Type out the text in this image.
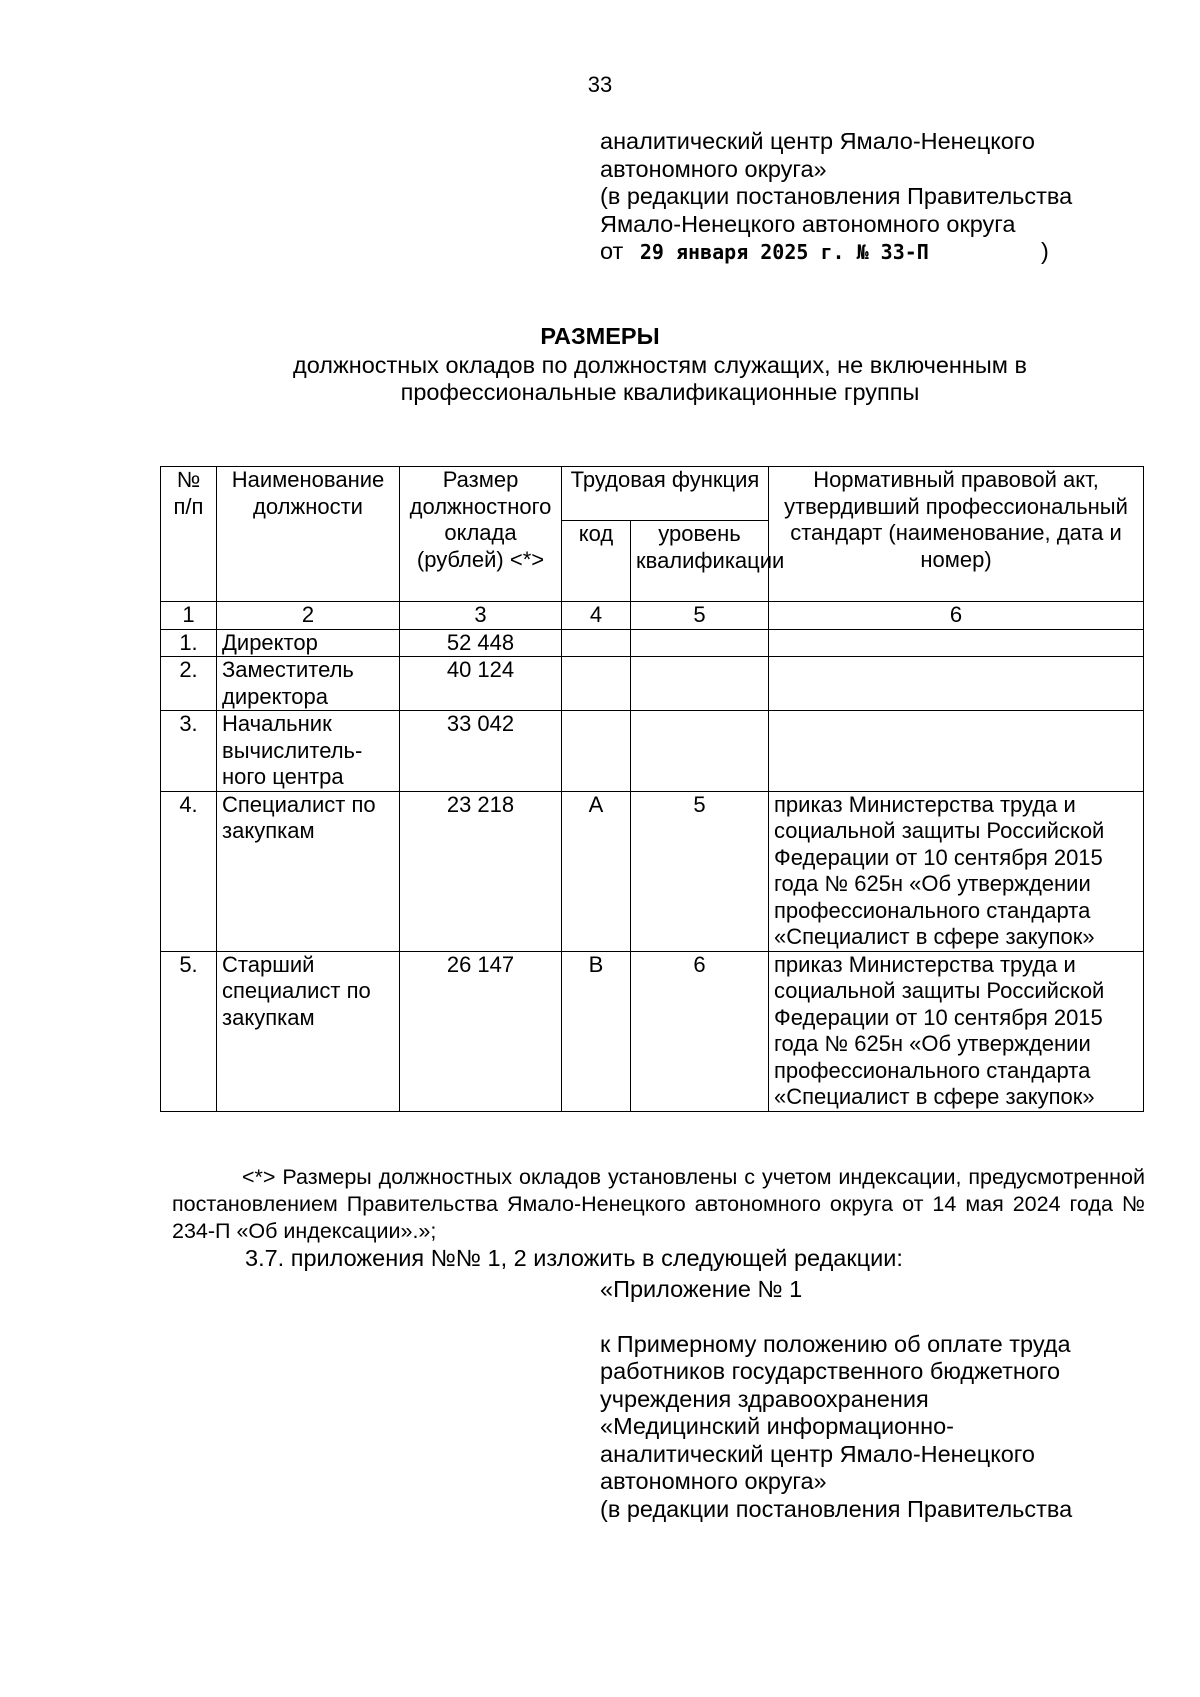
33
аналитический центр Ямало-Ненецкого
автономного округа»
(в редакции постановления Правительства
Ямало-Ненецкого автономного округа
от 29 января 2025 г. № 33-П	)
РАЗМЕРЫ
должностных окладов по должностям служащих, не включенным в
профессиональные квалификационные группы
№ п/п	Наименование должности	Размер должностного оклада (рублей) <*>	Трудовая функция		Нормативный правовой акт, утвердивший профессиональный стандарт (наименование, дата и номер)
			код	уровень квалификации	
1	2	3	4	5	6
1.	Директор	52 448			
2.	Заместитель директора	40 124			
3.	Начальник вычислитель-ного центра	33 042			
4.	Специалист по закупкам	23 218	А	5	приказ Министерства труда и социальной защиты Российской Федерации от 10 сентября 2015 года № 625н «Об утверждении профессионального стандарта «Специалист в сфере закупок»
5.	Старший специалист по закупкам	26 147	В	6	приказ Министерства труда и социальной защиты Российской Федерации от 10 сентября 2015 года № 625н «Об утверждении профессионального стандарта «Специалист в сфере закупок»

<*> Размеры должностных окладов установлены с учетом индексации, предусмотренной постановлением Правительства Ямало-Ненецкого автономного округа от 14 мая 2024 года № 234-П «Об индексации».»;

3.7. приложения №№ 1, 2 изложить в следующей редакции:
«Приложение № 1
к Примерному положению об оплате труда
работников государственного бюджетного
учреждения здравоохранения
«Медицинский информационно-
аналитический центр Ямало-Ненецкого
автономного округа»
(в редакции постановления Правительства
